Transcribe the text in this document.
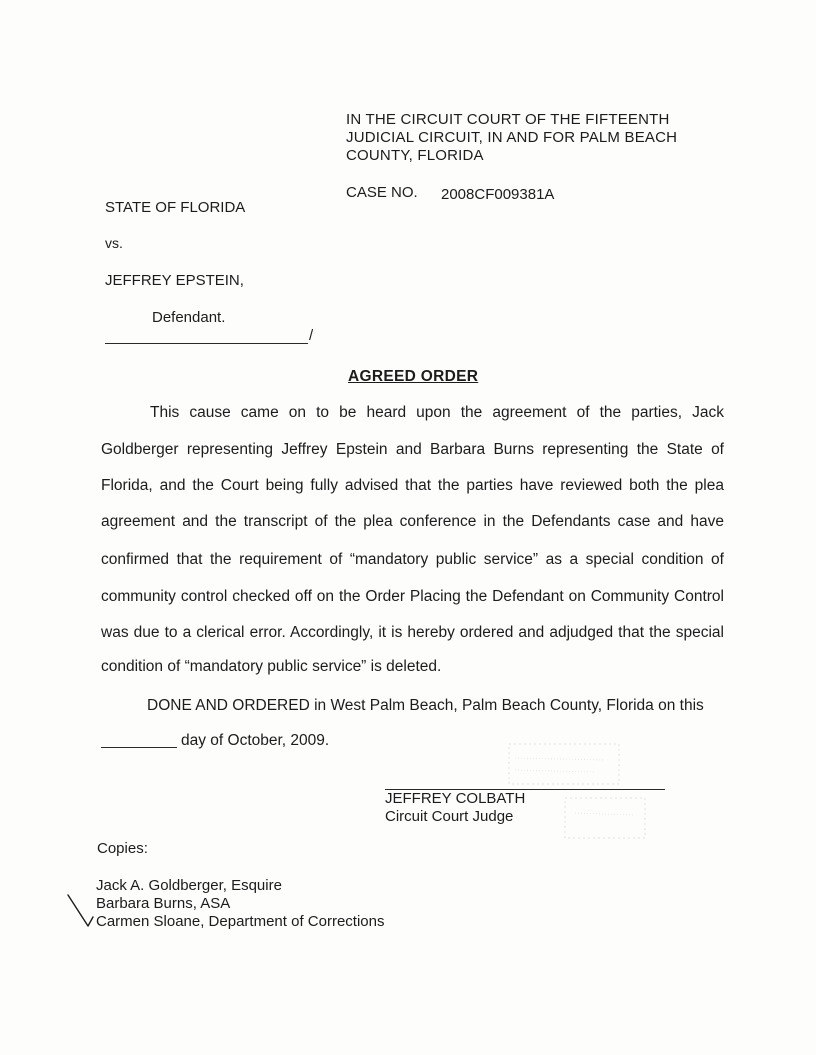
IN THE CIRCUIT COURT OF THE FIFTEENTH
JUDICIAL CIRCUIT, IN AND FOR PALM BEACH
COUNTY, FLORIDA
CASE NO. 2008CF009381A
STATE OF FLORIDA
vs.
JEFFREY EPSTEIN,
Defendant.
/
AGREED ORDER
This cause came on to be heard upon the agreement of the parties, Jack
Goldberger representing Jeffrey Epstein and Barbara Burns representing the State of
Florida, and the Court being fully advised that the parties have reviewed both the plea
agreement and the transcript of the plea conference in the Defendants case and have
confirmed that the requirement of “mandatory public service” as a special condition of
community control checked off on the Order Placing the Defendant on Community Control
was due to a clerical error. Accordingly, it is hereby ordered and adjudged that the special
condition of “mandatory public service” is deleted.
DONE AND ORDERED in West Palm Beach, Palm Beach County, Florida on this
day of October, 2009.
JEFFREY COLBATH
Circuit Court Judge
Copies:
Jack A. Goldberger, Esquire
Barbara Burns, ASA
Carmen Sloane, Department of Corrections
